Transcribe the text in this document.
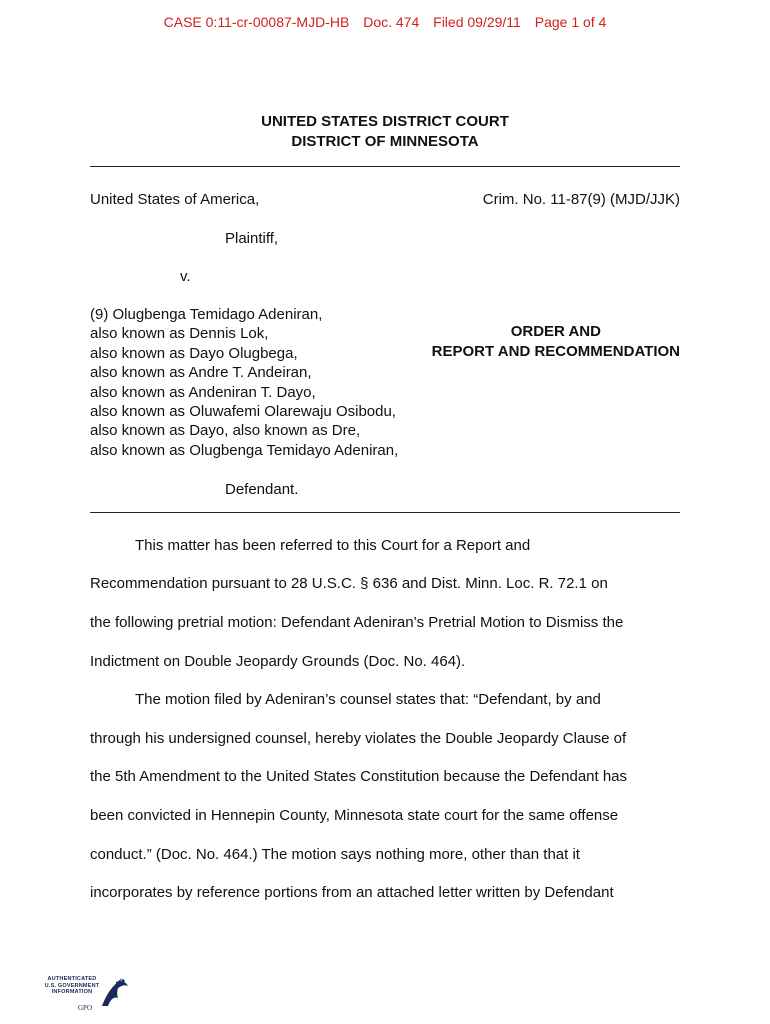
CASE 0:11-cr-00087-MJD-HB Doc. 474 Filed 09/29/11 Page 1 of 4
UNITED STATES DISTRICT COURT
DISTRICT OF MINNESOTA
United States of America,	Crim. No. 11-87(9) (MJD/JJK)
Plaintiff,
v.
(9) Olugbenga Temidago Adeniran,
also known as Dennis Lok,
also known as Dayo Olugbega,
also known as Andre T. Andeiran,
also known as Andeniran T. Dayo,
also known as Oluwafemi Olarewaju Osibodu,
also known as Dayo, also known as Dre,
also known as Olugbenga Temidayo Adeniran,
ORDER AND
REPORT AND RECOMMENDATION
Defendant.
This matter has been referred to this Court for a Report and
Recommendation pursuant to 28 U.S.C. § 636 and Dist. Minn. Loc. R. 72.1 on
the following pretrial motion: Defendant Adeniran’s Pretrial Motion to Dismiss the
Indictment on Double Jeopardy Grounds (Doc. No. 464).
The motion filed by Adeniran’s counsel states that: “Defendant, by and
through his undersigned counsel, hereby violates the Double Jeopardy Clause of
the 5th Amendment to the United States Constitution because the Defendant has
been convicted in Hennepin County, Minnesota state court for the same offense
conduct.” (Doc. No. 464.) The motion says nothing more, other than that it
incorporates by reference portions from an attached letter written by Defendant
AUTHENTICATED
U.S. GOVERNMENT
INFORMATION
GPO
